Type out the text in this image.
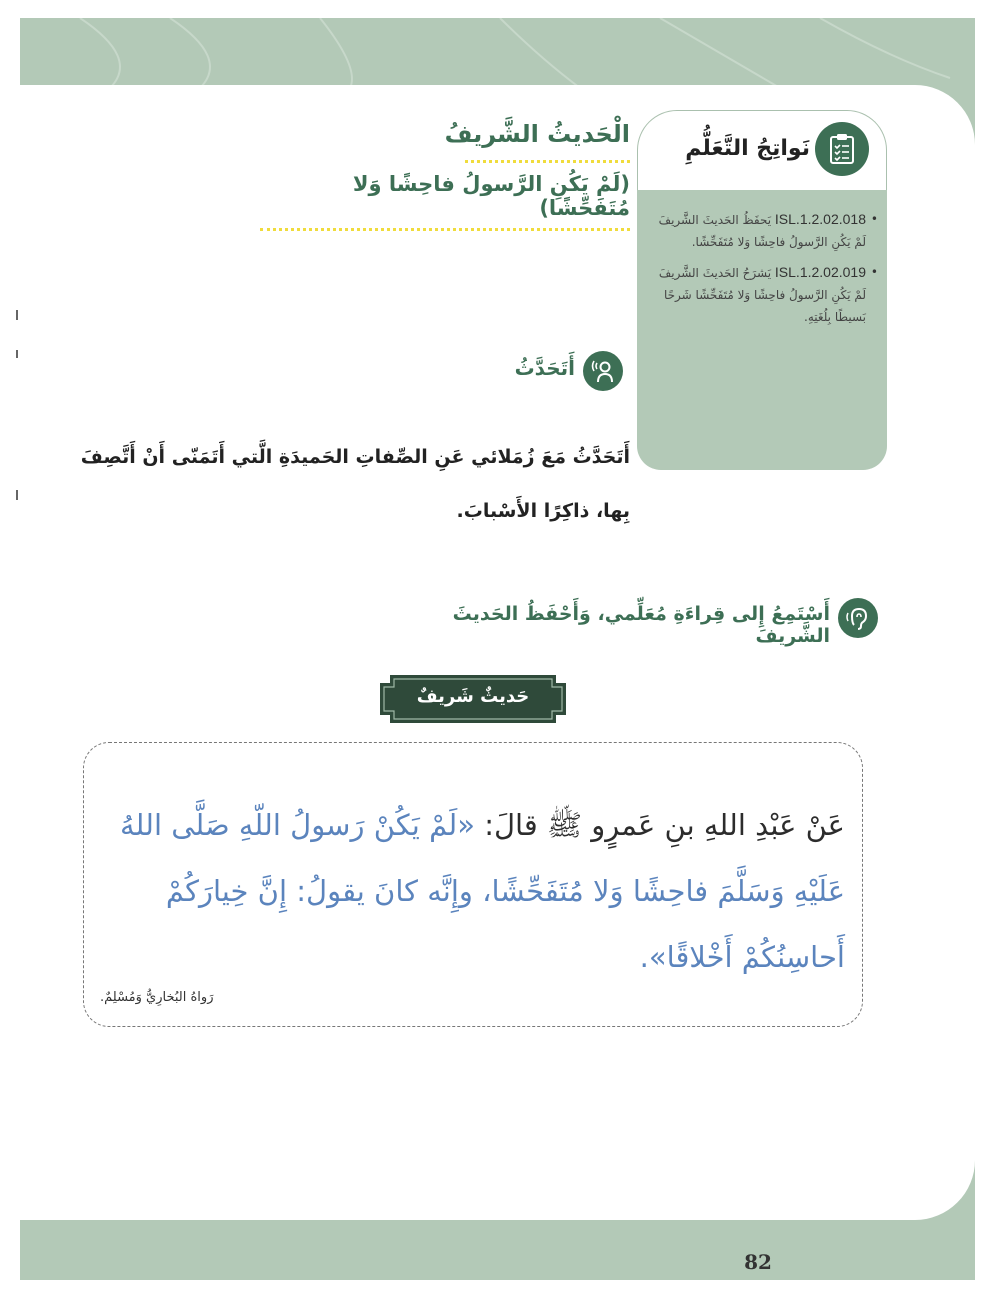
82
نَواتِجُ التَّعَلُّمِ
• ISL.1.2.02.018 يَحفَظُ الحَديثَ الشَّريفَ لَمْ يَكُنِ الرَّسولُ فاحِشًا وَلا مُتَفَحِّشًا.
• ISL.1.2.02.019 يَشرَحُ الحَديثَ الشَّريفَ لَمْ يَكُنِ الرَّسولُ فاحِشًا وَلا مُتَفَحِّشًا شَرحًا بَسيطًا بِلُغَتِهِ.
الْحَديثُ الشَّريفُ
(لَمْ يَكُنِ الرَّسولُ فاحِشًا وَلا مُتَفَحِّشًا)
أَتَحَدَّثُ
أَتَحَدَّثُ مَعَ زُمَلائي عَنِ الصِّفاتِ الحَميدَةِ الَّتي أَتَمَنّى أَنْ أَتَّصِفَ بِها، ذاكِرًا الأَسْبابَ.
أَسْتَمِعُ إِلى قِراءَةِ مُعَلِّمي، وَأَحْفَظُ الحَديثَ الشَّريفَ
حَديثٌ شَريفٌ
عَنْ عَبْدِ اللهِ بنِ عَمرٍو ﷺ قالَ: «لَمْ يَكُنْ رَسولُ اللّهِ صَلَّى اللهُ عَلَيْهِ وَسَلَّمَ فاحِشًا وَلا مُتَفَحِّشًا، وإِنَّه كانَ يقولُ: إِنَّ خِيارَكُمْ أَحاسِنُكُمْ أَخْلاقًا».
رَواهُ البُخارِيُّ وَمُسْلِمٌ.
